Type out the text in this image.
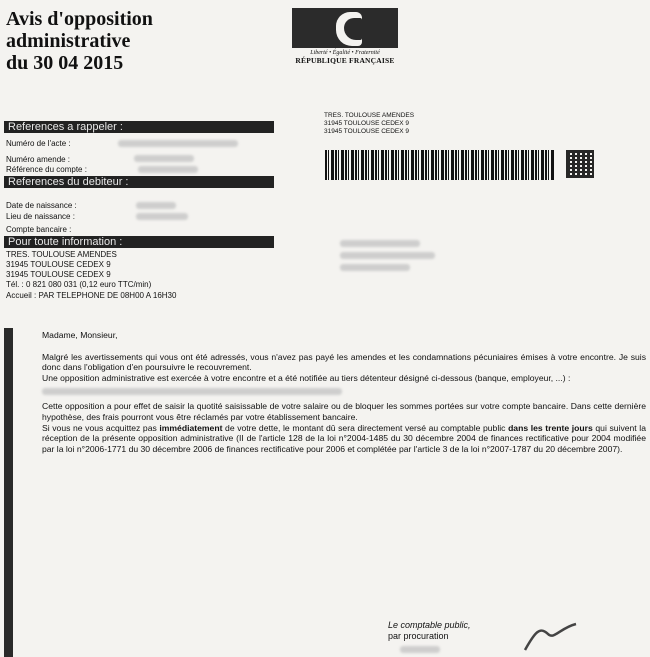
Avis d'opposition
administrative
du 30 04 2015	Liberté • Égalité • Fraternité
RÉPUBLIQUE FRANÇAISE
References a rappeler :
Numéro de l'acte :
Numéro amende :
Référence du compte :
References du debiteur :
Date de naissance :
Lieu de naissance :
Compte bancaire :
Pour toute information :
TRES. TOULOUSE AMENDES
31945 TOULOUSE CEDEX 9
31945 TOULOUSE CEDEX 9
Tél. : 0 821 080 031 (0,12 euro TTC/min)
Accueil : PAR TELEPHONE DE 08H00 A 16H30
TRES. TOULOUSE AMENDES
31945 TOULOUSE CEDEX 9
31945 TOULOUSE CEDEX 9

Madame, Monsieur,

Malgré les avertissements qui vous ont été adressés, vous n'avez pas payé les amendes et les condamnations pécuniaires émises à votre encontre. Je suis donc dans l'obligation d'en poursuivre le recouvrement.

Une opposition administrative est exercée à votre encontre et a été notifiée au tiers détenteur désigné ci-dessous (banque, employeur, ...) :

Cette opposition a pour effet de saisir la quotité saisissable de votre salaire ou de bloquer les sommes portées sur votre compte bancaire. Dans cette dernière hypothèse, des frais pourront vous être réclamés par votre établissement bancaire.

Si vous ne vous acquittez pas immédiatement de votre dette, le montant dû sera directement versé au comptable public dans les trente jours qui suivent la réception de la présente opposition administrative (II de l'article 128 de la loi n°2004-1485 du 30 décembre 2004 de finances rectificative pour 2004 modifiée par la loi n°2006-1771 du 30 décembre 2006 de finances rectificative pour 2006 et complétée par l'article 3 de la loi n°2007-1787 du 20 décembre 2007).

Le comptable public,
par procuration
